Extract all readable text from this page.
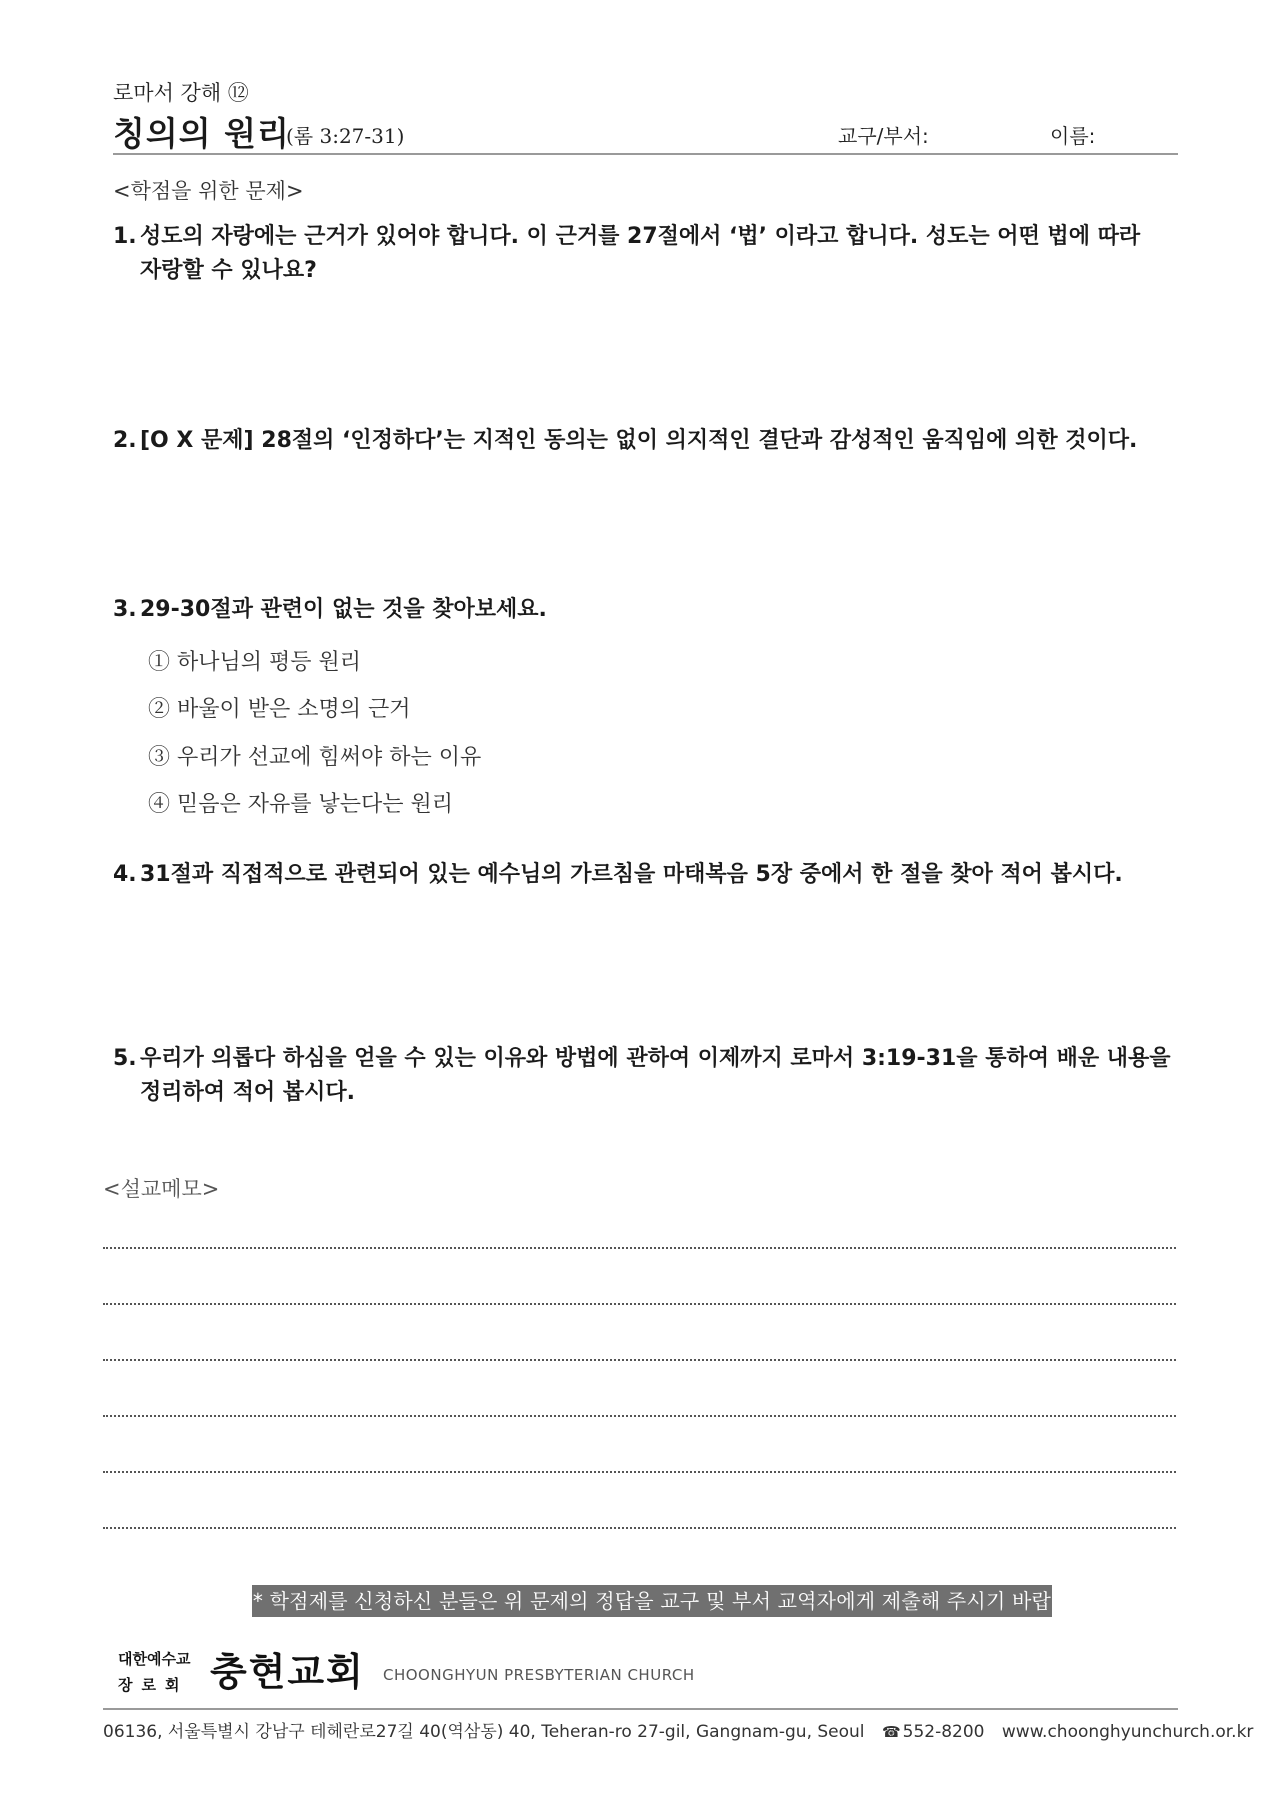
로마서 강해 ⑫
칭의의 원리
(롬 3:27-31)	교구/부서:	이름:
<학점을 위한 문제>
1. 성도의 자랑에는 근거가 있어야 합니다. 이 근거를 27절에서 ‘법’ 이라고 합니다. 성도는 어떤 법에 따라
자랑할 수 있나요?
2. [O X 문제] 28절의 ‘인정하다’는 지적인 동의는 없이 의지적인 결단과 감성적인 움직임에 의한 것이다.
3. 29-30절과 관련이 없는 것을 찾아보세요.
① 하나님의 평등 원리
② 바울이 받은 소명의 근거
③ 우리가 선교에 힘써야 하는 이유
④ 믿음은 자유를 낳는다는 원리
4. 31절과 직접적으로 관련되어 있는 예수님의 가르침을 마태복음 5장 중에서 한 절을 찾아 적어 봅시다.
5. 우리가 의롭다 하심을 얻을 수 있는 이유와 방법에 관하여 이제까지 로마서 3:19-31을 통하여 배운 내용을
정리하여 적어 봅시다.
<설교메모>
* 학점제를 신청하신 분들은 위 문제의 정답을 교구 및 부서 교역자에게 제출해 주시기 바랍니다.
대한예수교
장로회 충현교회 CHOONGHYUN PRESBYTERIAN CHURCH
06136, 서울특별시 강남구 테헤란로27길 40(역삼동) 40, Teheran-ro 27-gil, Gangnam-gu, Seoul ☎ 552-8200 www.choonghyunchurch.or.kr
